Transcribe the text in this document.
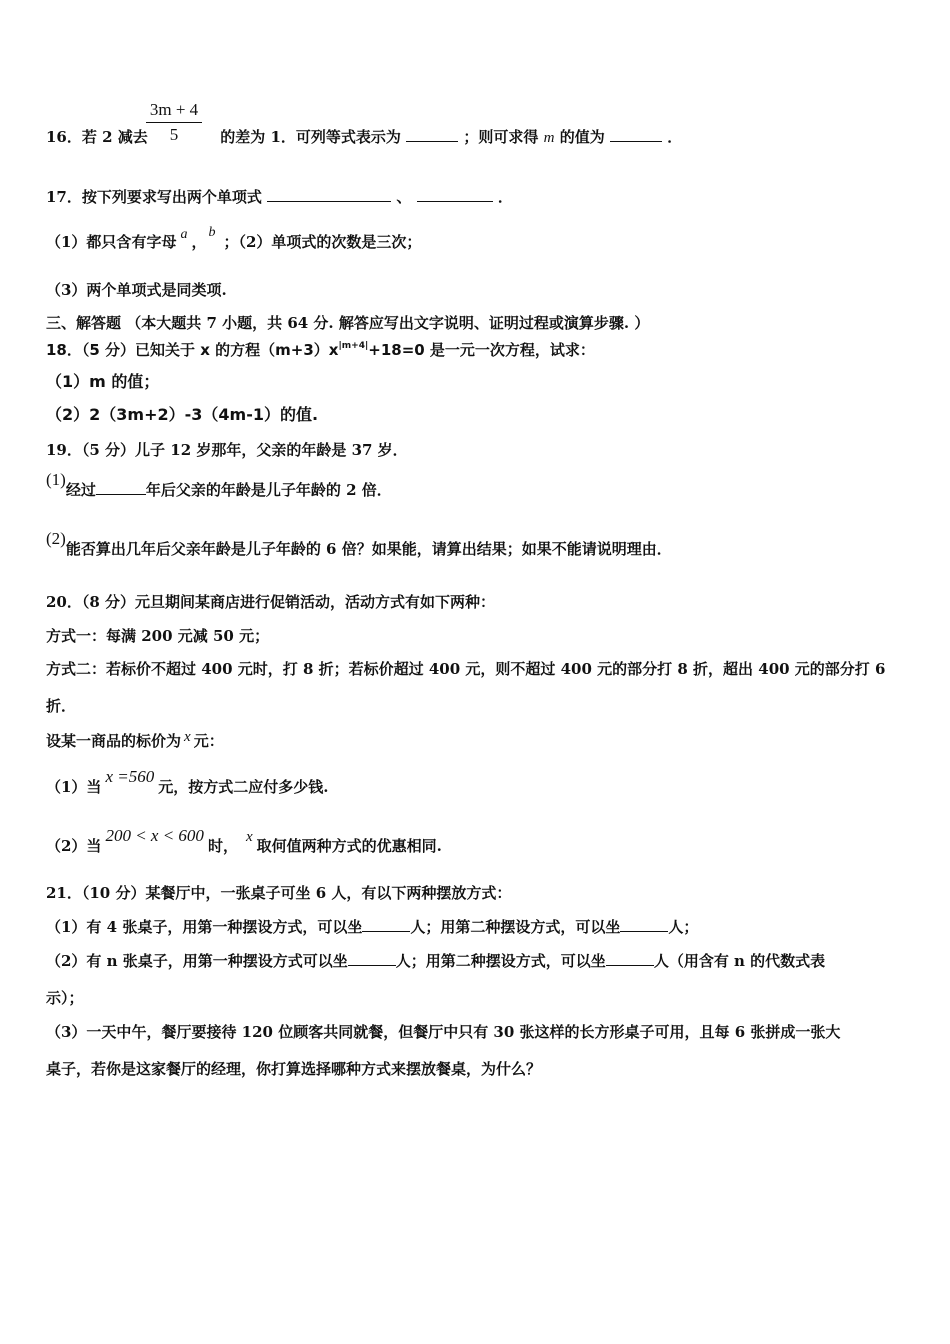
3m + 4
5
16．若 2 减去	的差为 1．可列等式表示为	；则可求得 m 的值为	．
17．按下列要求写出两个单项式	、	．
（1）都只含有字母 a ，b；（2）单项式的次数是三次；
（3）两个单项式是同类项.
三、解答题 （本大题共 7 小题，共 64 分. 解答应写出文字说明、证明过程或演算步骤. ）
18．（5 分）已知关于 x 的方程$(m+3)x^{|m+4|}+18=0$ 是一元一次方程，试求：
（1）m 的值；
（2）2（3m+2）-3（4m-1）的值.
19．（5 分）儿子 12 岁那年，父亲的年龄是 37 岁．
(1)经过	年后父亲的年龄是儿子年龄的 2 倍．
(2)能否算出几年后父亲年龄是儿子年龄的 6 倍？如果能，请算出结果；如果不能请说明理由．
20．（8 分）元旦期间某商店进行促销活动，活动方式有如下两种：
方式一：每满 200 元减 50 元；
方式二：若标价不超过 400 元时，打 8 折；若标价超过 400 元，则不超过 400 元的部分打 8 折，超出 400 元的部分打 6
折．
设某一商品的标价为 x 元：
（1）当x =560元，按方式二应付多少钱.
（2）当200 < x < 600时， x 取何值两种方式的优惠相同.
21．（10 分）某餐厅中，一张桌子可坐 6 人，有以下两种摆放方式：
（1）有 4 张桌子，用第一种摆设方式，可以坐	人；用第二种摆设方式，可以坐	人；
（2）有 n 张桌子，用第一种摆设方式可以坐	人；用第二种摆设方式，可以坐	人（用含有 n 的代数式表
示）；
（3）一天中午，餐厅要接待 120 位顾客共同就餐，但餐厅中只有 30 张这样的长方形桌子可用，且每 6 张拼成一张大
桌子，若你是这家餐厅的经理，你打算选择哪种方式来摆放餐桌，为什么？
